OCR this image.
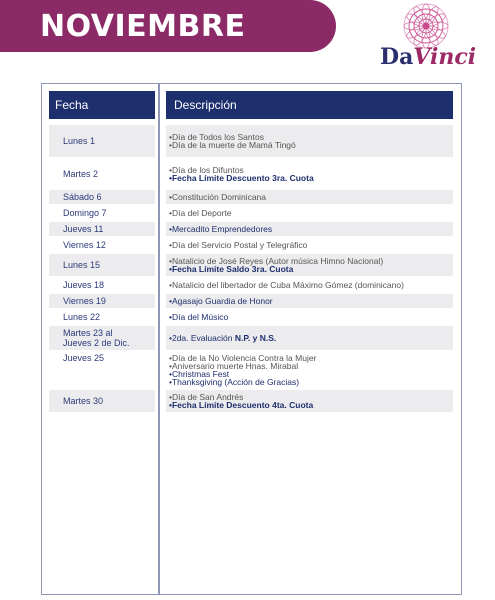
NOVIEMBRE
DaVinci
Fecha	Descripción
Lunes 1	•Día de Todos los Santos
•Día de la muerte de Mamá Tingó
Martes 2	•Día de los Difuntos
•Fecha Límite Descuento 3ra. Cuota
Sábado 6	•Constitución Dominicana
Domingo 7	•Día del Deporte
Jueves 11	•Mercadito Emprendedores
Viernes 12	•Día del Servicio Postal y Telegráfico
Lunes 15	•Natalicio de José Reyes (Autor música Himno Nacional)
•Fecha Límite Saldo 3ra. Cuota
Jueves 18	•Natalicio del libertador de Cuba Máximo Gómez (dominicano)
Viernes 19	•Agasajo Guardia de Honor
Lunes 22	•Día del Músico
Martes 23 al
Jueves 2 de Dic.	•2da. Evaluación N.P. y N.S.
Jueves 25	•Día de la No Violencia Contra la Mujer
•Aniversario muerte Hnas. Mirabal
•Christmas Fest
•Thanksgiving (Acción de Gracias)
Martes 30	•Día de San Andrés
•Fecha Límite Descuento 4ta. Cuota
